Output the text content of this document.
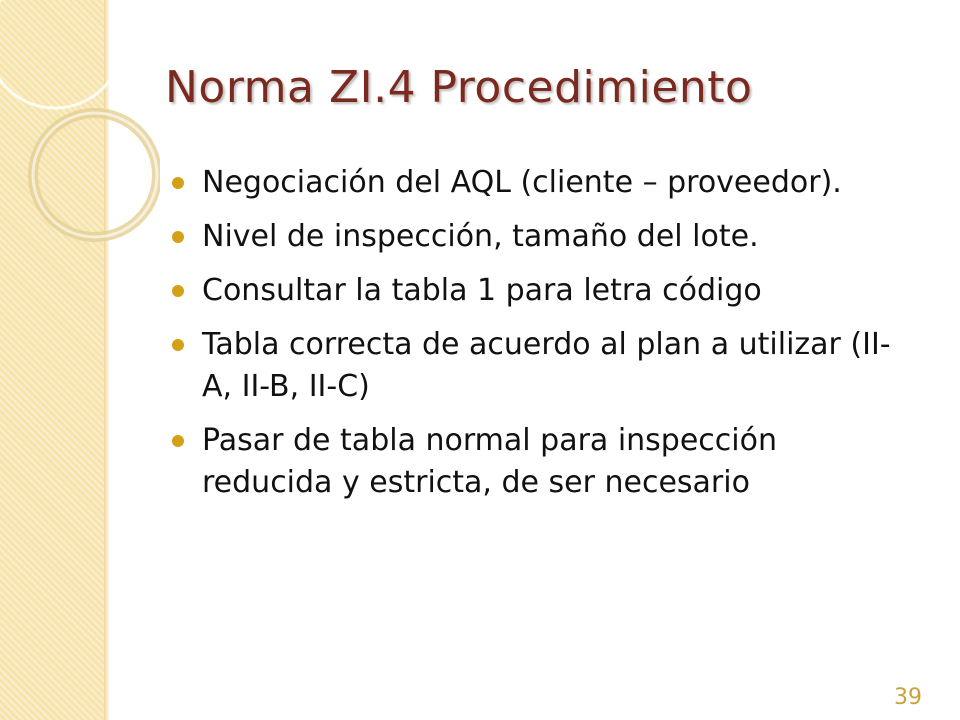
Norma ZI.4 Procedimiento
Negociación del AQL (cliente – proveedor).
Nivel de inspección, tamaño del lote.
Consultar la tabla 1 para letra código
Tabla correcta de acuerdo al plan a utilizar (II-A, II-B, II-C)
Pasar de tabla normal para inspección reducida y estricta, de ser necesario
39
